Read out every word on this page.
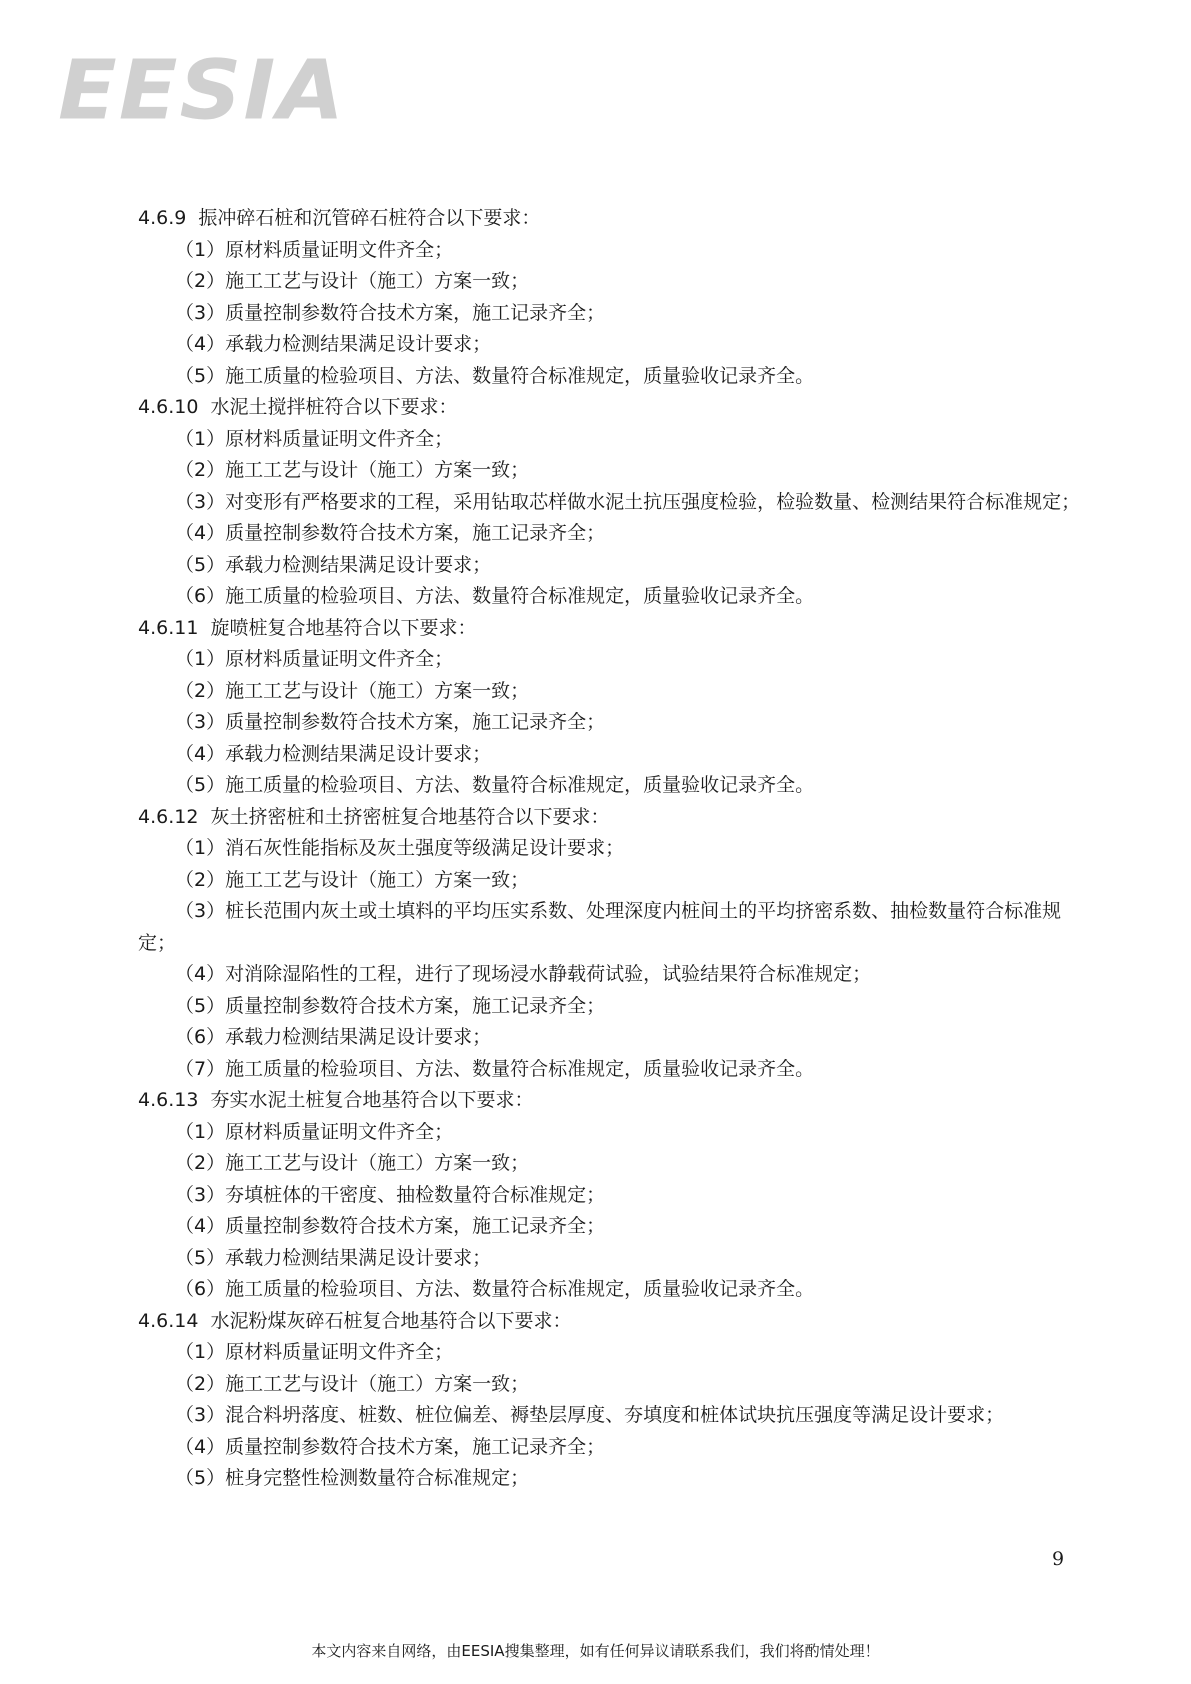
EESIA
4.6.9 振冲碎石桩和沉管碎石桩符合以下要求：
（1）原材料质量证明文件齐全；
（2）施工工艺与设计（施工）方案一致；
（3）质量控制参数符合技术方案，施工记录齐全；
（4）承载力检测结果满足设计要求；
（5）施工质量的检验项目、方法、数量符合标准规定，质量验收记录齐全。
4.6.10 水泥土搅拌桩符合以下要求：
（1）原材料质量证明文件齐全；
（2）施工工艺与设计（施工）方案一致；
（3）对变形有严格要求的工程，采用钻取芯样做水泥土抗压强度检验，检验数量、检测结果符合标准规定；
（4）质量控制参数符合技术方案，施工记录齐全；
（5）承载力检测结果满足设计要求；
（6）施工质量的检验项目、方法、数量符合标准规定，质量验收记录齐全。
4.6.11 旋喷桩复合地基符合以下要求：
（1）原材料质量证明文件齐全；
（2）施工工艺与设计（施工）方案一致；
（3）质量控制参数符合技术方案，施工记录齐全；
（4）承载力检测结果满足设计要求；
（5）施工质量的检验项目、方法、数量符合标准规定，质量验收记录齐全。
4.6.12 灰土挤密桩和土挤密桩复合地基符合以下要求：
（1）消石灰性能指标及灰土强度等级满足设计要求；
（2）施工工艺与设计（施工）方案一致；
（3）桩长范围内灰土或土填料的平均压实系数、处理深度内桩间土的平均挤密系数、抽检数量符合标准规定；
（4）对消除湿陷性的工程，进行了现场浸水静载荷试验，试验结果符合标准规定；
（5）质量控制参数符合技术方案，施工记录齐全；
（6）承载力检测结果满足设计要求；
（7）施工质量的检验项目、方法、数量符合标准规定，质量验收记录齐全。
4.6.13 夯实水泥土桩复合地基符合以下要求：
（1）原材料质量证明文件齐全；
（2）施工工艺与设计（施工）方案一致；
（3）夯填桩体的干密度、抽检数量符合标准规定；
（4）质量控制参数符合技术方案，施工记录齐全；
（5）承载力检测结果满足设计要求；
（6）施工质量的检验项目、方法、数量符合标准规定，质量验收记录齐全。
4.6.14 水泥粉煤灰碎石桩复合地基符合以下要求：
（1）原材料质量证明文件齐全；
（2）施工工艺与设计（施工）方案一致；
（3）混合料坍落度、桩数、桩位偏差、褥垫层厚度、夯填度和桩体试块抗压强度等满足设计要求；
（4）质量控制参数符合技术方案，施工记录齐全；
（5）桩身完整性检测数量符合标准规定；
9
本文内容来自网络，由EESIA搜集整理，如有任何异议请联系我们，我们将酌情处理！
